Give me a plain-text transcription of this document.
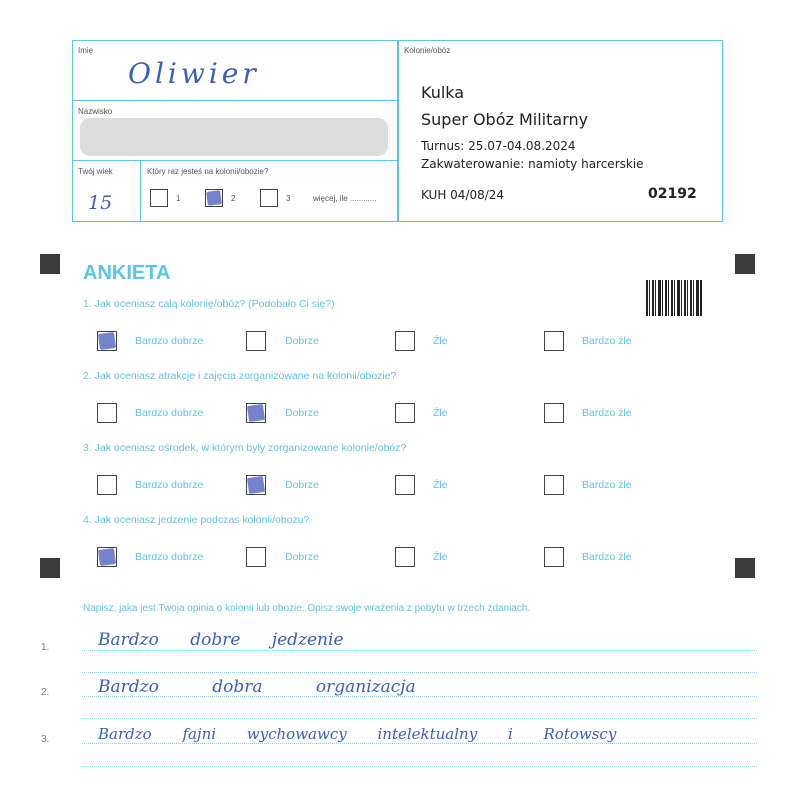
Imię
Oliwier
Nazwisko
Twój wiek
15
Który raz jesteś na kolonii/obozie?
1	2	3	więcej, ile ............
Kolonie/obóz
Kulka
Super Obóz Militarny
Turnus: 25.07-04.08.2024
Zakwaterowanie: namioty harcerskie
KUH 04/08/24	02192
ANKIETA
1. Jak oceniasz całą kolonię/obóz? (Podobało Ci się?)
2. Jak oceniasz atrakcje i zajęcia zorganizowane na kolonii/obozie?
3. Jak oceniasz ośrodek, w którym były zorganizowane kolonie/obóz?
4. Jak oceniasz jedzenie podczas kolonii/obozu?
Bardzo dobrze	Dobrze	Źle	Bardzo źle
Bardzo dobrze	Dobrze	Źle	Bardzo źle
Bardzo dobrze	Dobrze	Źle	Bardzo źle
Bardzo dobrze	Dobrze	Źle	Bardzo źle
Napisz, jaka jest Twoja opinia o kolonii lub obozie. Opisz swoje wrażenia z pobytu w trzech zdaniach.
1.	Bardzo dobre jedzenie
2.	Bardzo dobra organizacja
3.	Bardzo fajni wychowawcy intelektualny i Rotowscy
